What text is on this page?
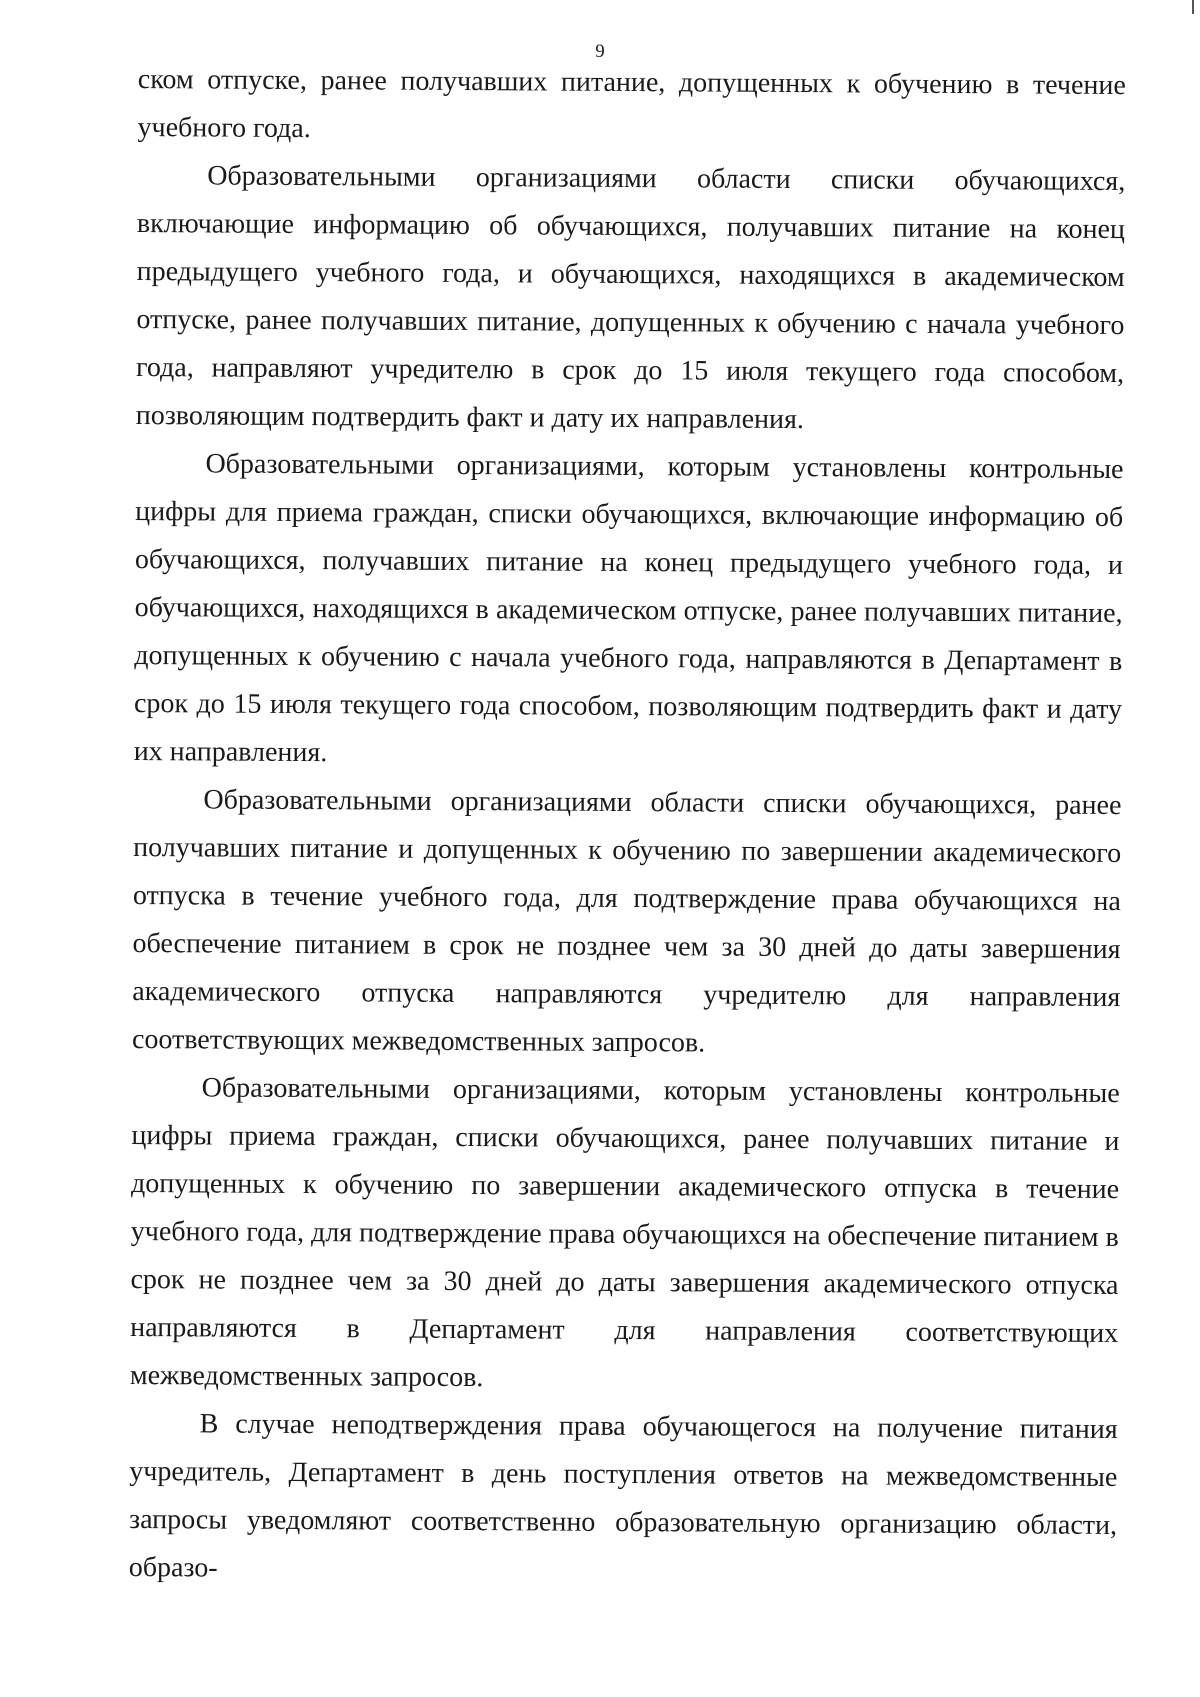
9

ском отпуске, ранее получавших питание, допущенных к обучению в течение учебного года.

Образовательными организациями области списки обучающихся, включающие информацию об обучающихся, получавших питание на конец предыдущего учебного года, и обучающихся, находящихся в академическом отпуске, ранее получавших питание, допущенных к обучению с начала учебного года, направляют учредителю в срок до 15 июля текущего года способом, позволяющим подтвердить факт и дату их направления.

Образовательными организациями, которым установлены контрольные цифры для приема граждан, списки обучающихся, включающие информацию об обучающихся, получавших питание на конец предыдущего учебного года, и обучающихся, находящихся в академическом отпуске, ранее получавших питание, допущенных к обучению с начала учебного года, направляются в Департамент в срок до 15 июля текущего года способом, позволяющим подтвердить факт и дату их направления.

Образовательными организациями области списки обучающихся, ранее получавших питание и допущенных к обучению по завершении академического отпуска в течение учебного года, для подтверждение права обучающихся на обеспечение питанием в срок не позднее чем за 30 дней до даты завершения академического отпуска направляются учредителю для направления соответствующих межведомственных запросов.

Образовательными организациями, которым установлены контрольные цифры приема граждан, списки обучающихся, ранее получавших питание и допущенных к обучению по завершении академического отпуска в течение учебного года, для подтверждение права обучающихся на обеспечение питанием в срок не позднее чем за 30 дней до даты завершения академического отпуска направляются в Департамент для направления соответствующих межведомственных запросов.

В случае неподтверждения права обучающегося на получение питания учредитель, Департамент в день поступления ответов на межведомственные запросы уведомляют соответственно образовательную организацию области, образо-
